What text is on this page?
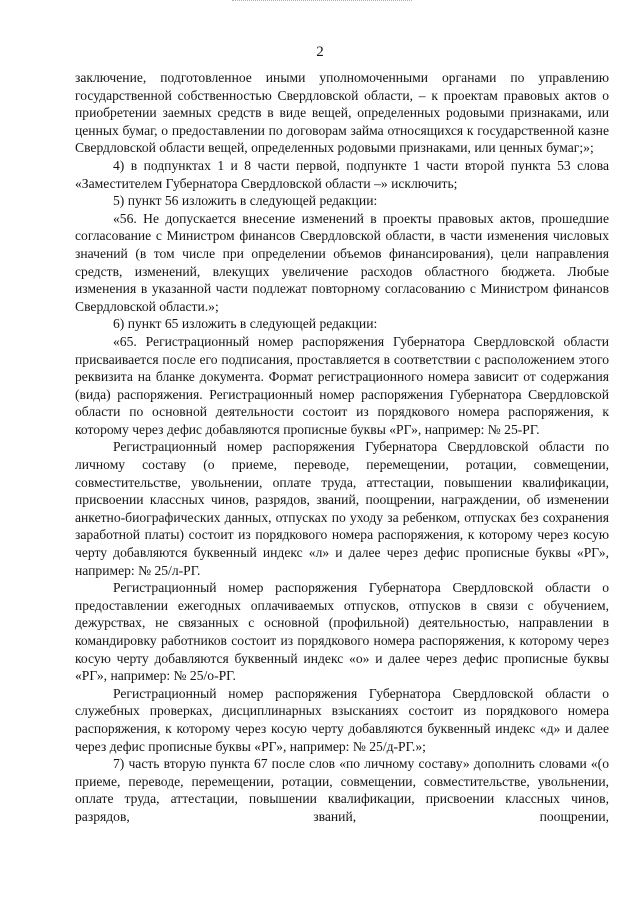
2

заключение, подготовленное иными уполномоченными органами по управлению государственной собственностью Свердловской области, – к проектам правовых актов о приобретении заемных средств в виде вещей, определенных родовыми признаками, или ценных бумаг, о предоставлении по договорам займа относящихся к государственной казне Свердловской области вещей, определенных родовыми признаками, или ценных бумаг;»;

4) в подпунктах 1 и 8 части первой, подпункте 1 части второй пункта 53 слова «Заместителем Губернатора Свердловской области –» исключить;

5) пункт 56 изложить в следующей редакции:

«56. Не допускается внесение изменений в проекты правовых актов, прошедшие согласование с Министром финансов Свердловской области, в части изменения числовых значений (в том числе при определении объемов финансирования), цели направления средств, изменений, влекущих увеличение расходов областного бюджета. Любые изменения в указанной части подлежат повторному согласованию с Министром финансов Свердловской области.»;

6) пункт 65 изложить в следующей редакции:

«65. Регистрационный номер распоряжения Губернатора Свердловской области присваивается после его подписания, проставляется в соответствии с расположением этого реквизита на бланке документа. Формат регистрационного номера зависит от содержания (вида) распоряжения. Регистрационный номер распоряжения Губернатора Свердловской области по основной деятельности состоит из порядкового номера распоряжения, к которому через дефис добавляются прописные буквы «РГ», например: № 25-РГ.

Регистрационный номер распоряжения Губернатора Свердловской области по личному составу (о приеме, переводе, перемещении, ротации, совмещении, совместительстве, увольнении, оплате труда, аттестации, повышении квалификации, присвоении классных чинов, разрядов, званий, поощрении, награждении, об изменении анкетно-биографических данных, отпусках по уходу за ребенком, отпусках без сохранения заработной платы) состоит из порядкового номера распоряжения, к которому через косую черту добавляются буквенный индекс «л» и далее через дефис прописные буквы «РГ», например: № 25/л-РГ.

Регистрационный номер распоряжения Губернатора Свердловской области о предоставлении ежегодных оплачиваемых отпусков, отпусков в связи с обучением, дежурствах, не связанных с основной (профильной) деятельностью, направлении в командировку работников состоит из порядкового номера распоряжения, к которому через косую черту добавляются буквенный индекс «о» и далее через дефис прописные буквы «РГ», например: № 25/о-РГ.

Регистрационный номер распоряжения Губернатора Свердловской области о служебных проверках, дисциплинарных взысканиях состоит из порядкового номера распоряжения, к которому через косую черту добавляются буквенный индекс «д» и далее через дефис прописные буквы «РГ», например: № 25/д-РГ.»;

7) часть вторую пункта 67 после слов «по личному составу» дополнить словами «(о приеме, переводе, перемещении, ротации, совмещении, совместительстве, увольнении, оплате труда, аттестации, повышении квалификации, присвоении классных чинов, разрядов, званий, поощрении,
